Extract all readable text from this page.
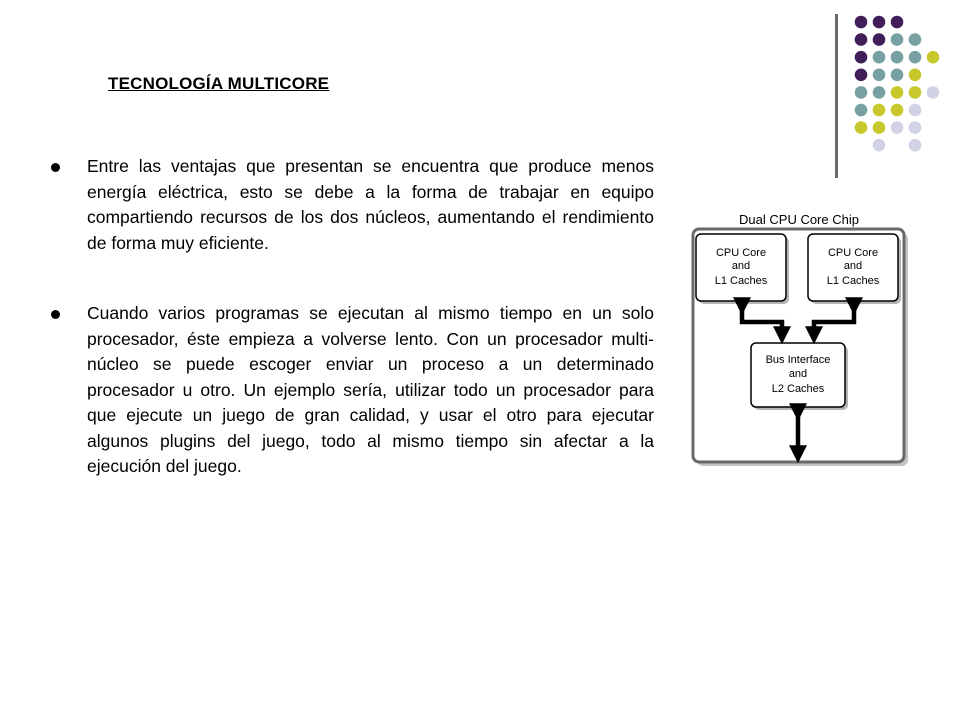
TECNOLOGÍA MULTICORE
Entre las ventajas que presentan se encuentra que produce menos energía eléctrica, esto se debe a la forma de trabajar en equipo compartiendo recursos de los dos núcleos, aumentando el rendimiento de forma muy eficiente.
Cuando varios programas se ejecutan al mismo tiempo en un solo procesador, éste empieza a volverse lento. Con un procesador multi-núcleo se puede escoger enviar un proceso a un determinado procesador u otro. Un ejemplo sería, utilizar todo un procesador para que ejecute un juego de gran calidad, y usar el otro para ejecutar algunos plugins del juego, todo al mismo tiempo sin afectar a la ejecución del juego.
Dual CPU Core Chip
CPU Core
and
L1 Caches
CPU Core
and
L1 Caches
Bus Interface
and
L2 Caches
